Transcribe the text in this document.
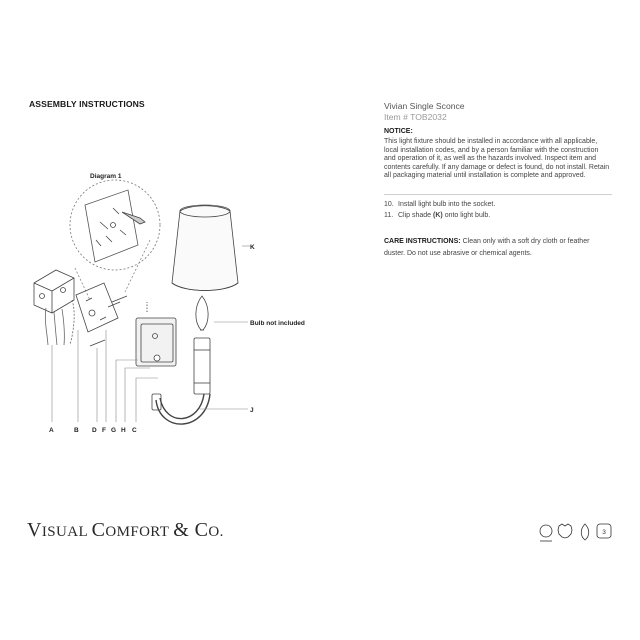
ASSEMBLY INSTRUCTIONS	Vivian Single Sconce
Item # TOB2032
NOTICE:
This light fixture should be installed in accordance with all applicable, local installation codes, and by a person familiar with the construction and operation of it, as well as the hazards involved. Inspect item and contents carefully. If any damage or defect is found, do not install. Retain all packaging material until installation is complete and approved.
10. Install light bulb into the socket.
11. Clip shade (K) onto light bulb.
CARE INSTRUCTIONS: Clean only with a soft dry cloth or feather duster. Do not use abrasive or chemical agents.
Diagram 1
K
Bulb not included
J
A	B D F G H C
3
VISUAL COMFORT & CO.
